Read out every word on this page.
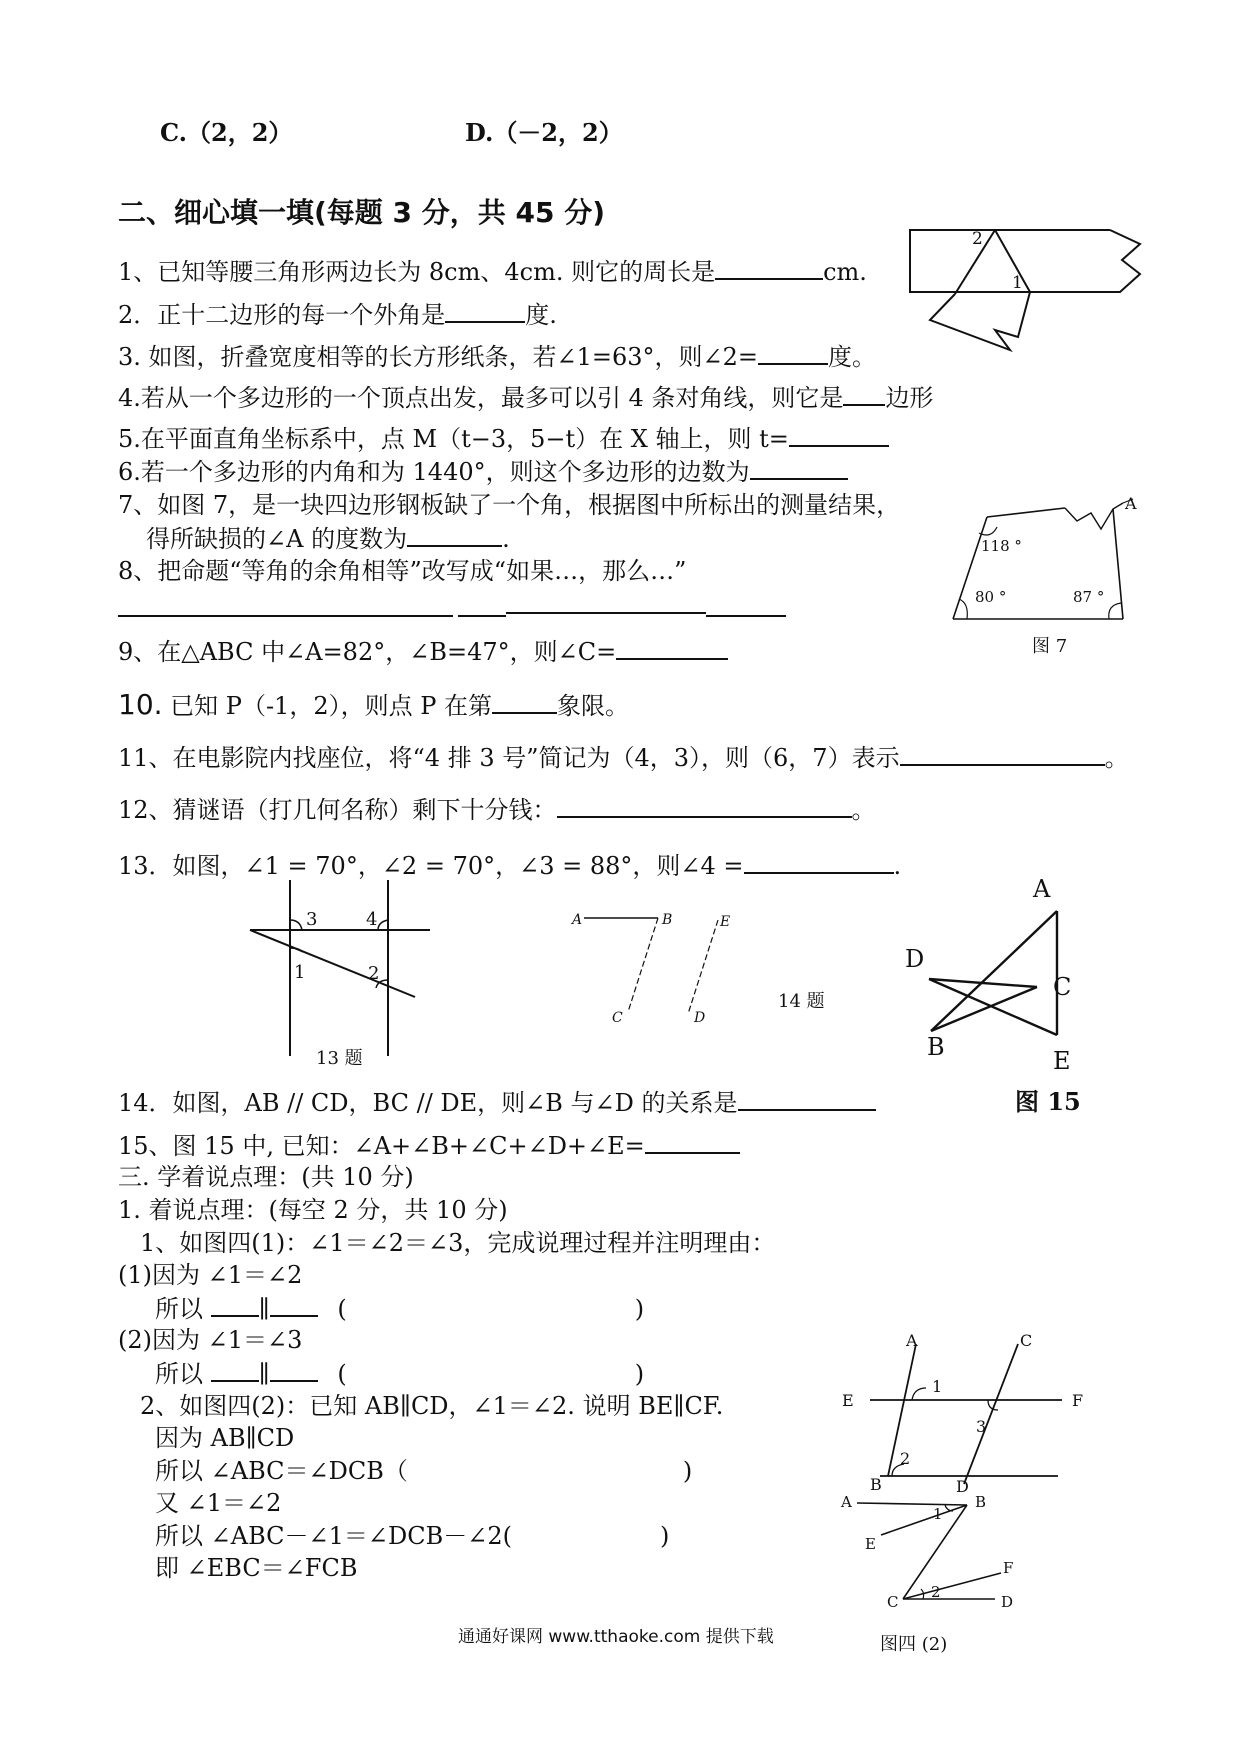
C.（2，2）	D.（－2，2）
二、细心填一填(每题 3 分，共 45 分)
1、已知等腰三角形两边长为 8cm、4cm. 则它的周长是	cm.
2．正十二边形的每一个外角是	度.
3. 如图，折叠宽度相等的长方形纸条，若∠1=63°，则∠2=	度。
4.若从一个多边形的一个顶点出发，最多可以引 4 条对角线，则它是 边形
5.在平面直角坐标系中，点 M（t−3，5−t）在 X 轴上，则 t=
6.若一个多边形的内角和为 1440°，则这个多边形的边数为
7、如图 7，是一块四边形钢板缺了一个角，根据图中所标出的测量结果，
得所缺损的∠A 的度数为	.
8、把命题“等角的余角相等”改写成“如果…，那么…”
9、在△ABC 中∠A=82°，∠B=47°，则∠C=
10. 已知 P（-1，2），则点 P 在第	象限。
11、在电影院内找座位，将“4 排 3 号”简记为（4，3），则（6，7）表示	。
12、猜谜语（打几何名称）剩下十分钱：	。
13．如图，∠1 = 70°，∠2 = 70°，∠3 = 88°，则∠4 =	.
2
1
A
118 °
80 °	87 °
图 7
3	4
1	2
13 题
A	B	E
C	D
14 题
A
D
C
B	E
14．如图，AB // CD，BC // DE，则∠B 与∠D 的关系是	图 15
15、图 15 中, 已知：∠A+∠B+∠C+∠D+∠E=
三. 学着说点理：(共 10 分)
1. 着说点理：(每空 2 分，共 10 分)
1、如图四(1)：∠1＝∠2＝∠3，完成说理过程并注明理由：
(1)因为 ∠1＝∠2
所以 ∥	(	)
(2)因为 ∠1＝∠3
所以 ∥	(	)
2、如图四(2)：已知 AB∥CD，∠1＝∠2. 说明 BE∥CF.
因为 AB∥CD
所以 ∠ABC＝∠DCB（	)
又 ∠1＝∠2
所以 ∠ABC－∠1＝∠DCB－∠2(	)
即 ∠EBC＝∠FCB
A	C
E	F
1
3
2
B	D
A	B
1
E
F
2
C	D
图四 (2)
通通好课网 www.tthaoke.com 提供下载
